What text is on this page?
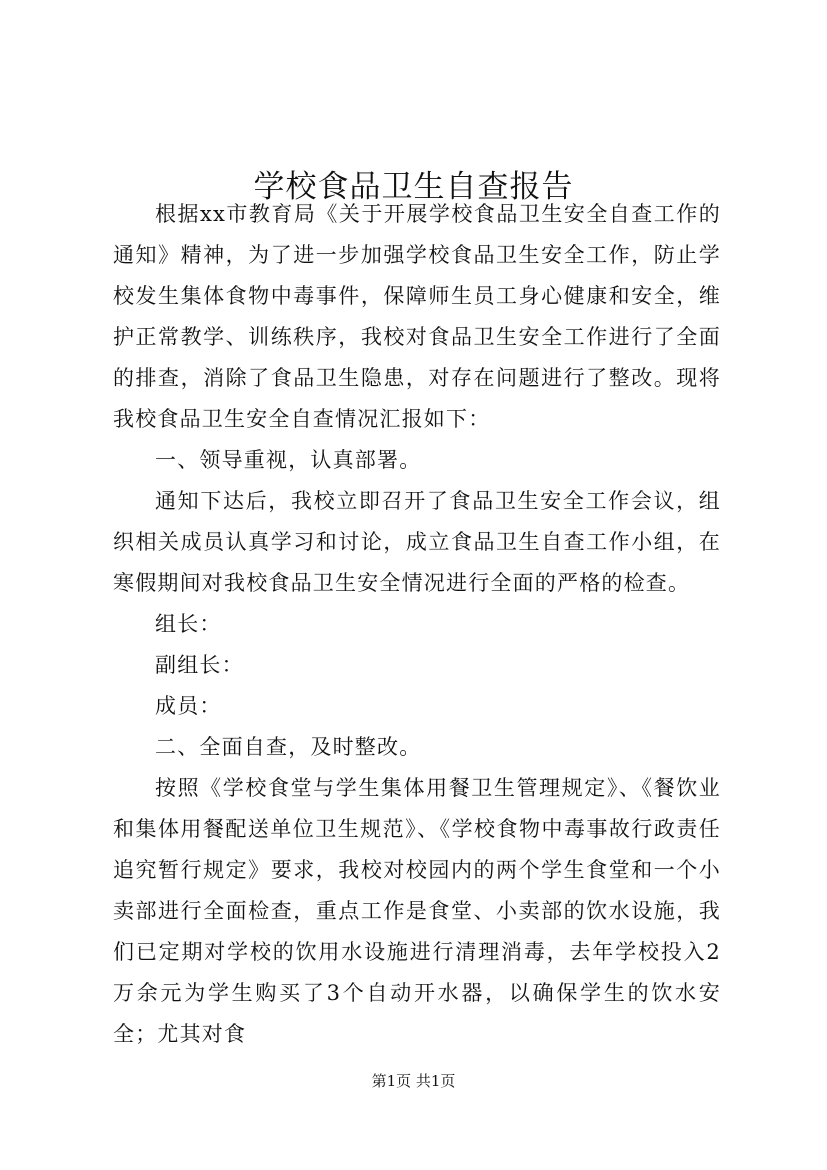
学校食品卫生自查报告

根据xx市教育局《关于开展学校食品卫生安全自查工作的通知》精神，为了进一步加强学校食品卫生安全工作，防止学校发生集体食物中毒事件，保障师生员工身心健康和安全，维护正常教学、训练秩序，我校对食品卫生安全工作进行了全面的排查，消除了食品卫生隐患，对存在问题进行了整改。现将我校食品卫生安全自查情况汇报如下：

一、领导重视，认真部署。

通知下达后，我校立即召开了食品卫生安全工作会议，组织相关成员认真学习和讨论，成立食品卫生自查工作小组，在寒假期间对我校食品卫生安全情况进行全面的严格的检查。

组长：

副组长：

成员：

二、全面自查，及时整改。

按照《学校食堂与学生集体用餐卫生管理规定》、《餐饮业和集体用餐配送单位卫生规范》、《学校食物中毒事故行政责任追究暂行规定》要求，我校对校园内的两个学生食堂和一个小卖部进行全面检查，重点工作是食堂、小卖部的饮水设施，我们已定期对学校的饮用水设施进行清理消毒，去年学校投入2万余元为学生购买了3个自动开水器，以确保学生的饮水安全；尤其对食

第1页 共1页
